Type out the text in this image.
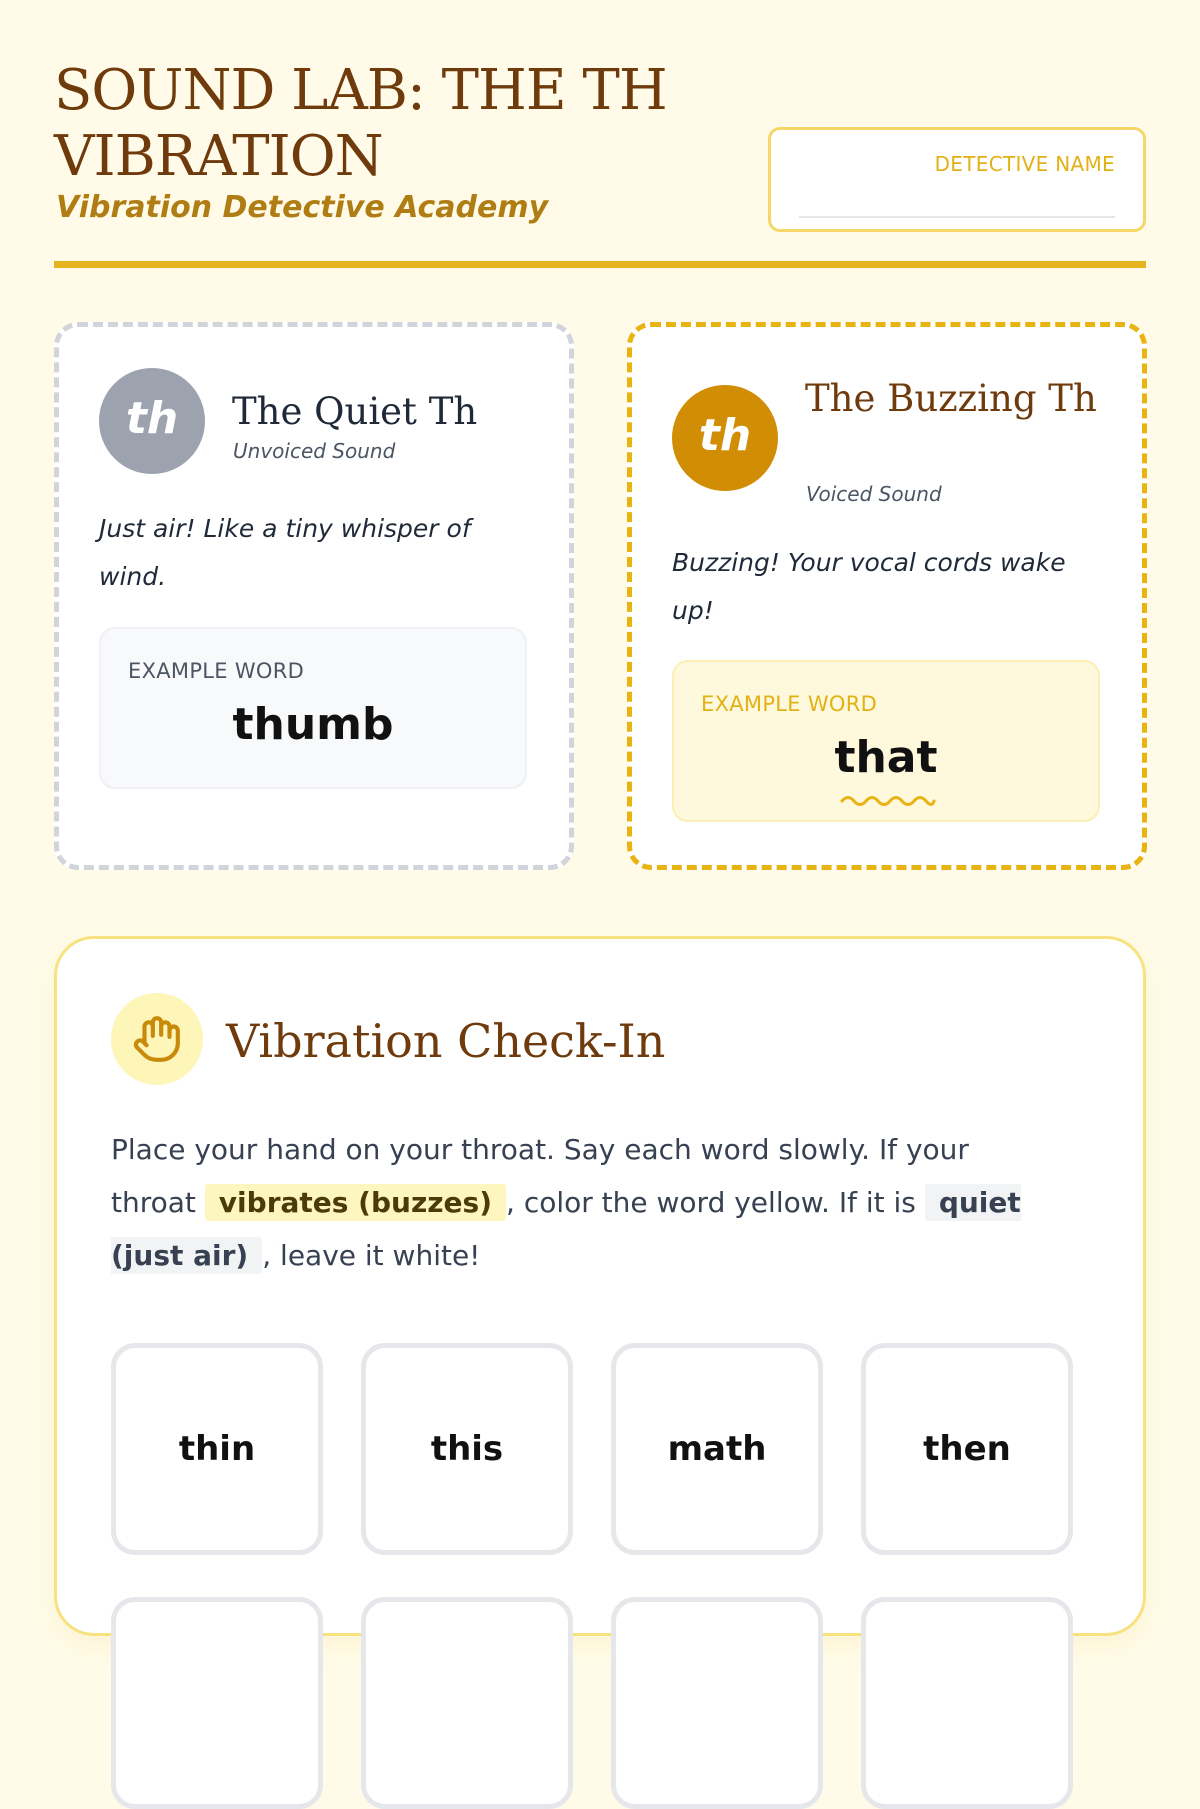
SOUND LAB: THE TH VIBRATION

Vibration Detective Academy

DETECTIVE NAME
th	The Quiet Th
Unvoiced Sound

Just air! Like a tiny whisper of wind.

EXAMPLE WORD
thumb
th
The Buzzing Th
Voiced Sound

Buzzing! Your vocal cords wake up!

EXAMPLE WORD
that
Vibration Check-In

Place your hand on your throat. Say each word slowly. If your throat vibrates (buzzes) , color the word yellow. If it is quiet (just air) , leave it white!

thin	this	math	then
